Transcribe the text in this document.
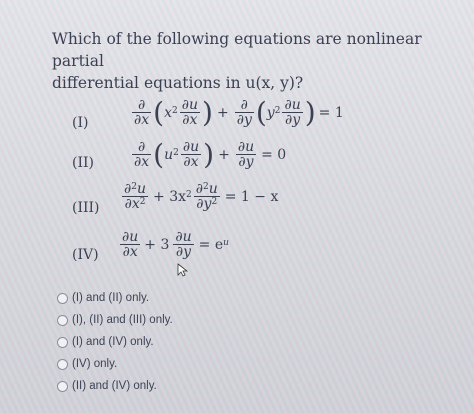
Which of the following equations are nonlinear partial
differential equations in u(x, y)?
(I)	$\frac{\partial}{\partial x}$ ( x $2 \frac{\partial u}{\partial x}$ ) + $\frac{\partial}{\partial y}$ ( y $2 \frac{\partial u}{\partial y}$ ) = 1
(II)	$\frac{\partial}{\partial x}$ ( u $2 \frac{\partial u}{\partial x}$ ) + $\frac{\partial u}{\partial y} = 0$
$(III) \frac{\partial^2u}{\partial x^2} + 3x$ $2 \frac{\partial^2u}{\partial y^2} = 1 - x$
$(IV) \frac{\partial u}{\partial x} + 3 \frac{\partial u}{\partial y} = e$ u
(I) and (II) only.
(I), (II) and (III) only.
(I) and (IV) only.
(IV) only.
(II) and (IV) only.
